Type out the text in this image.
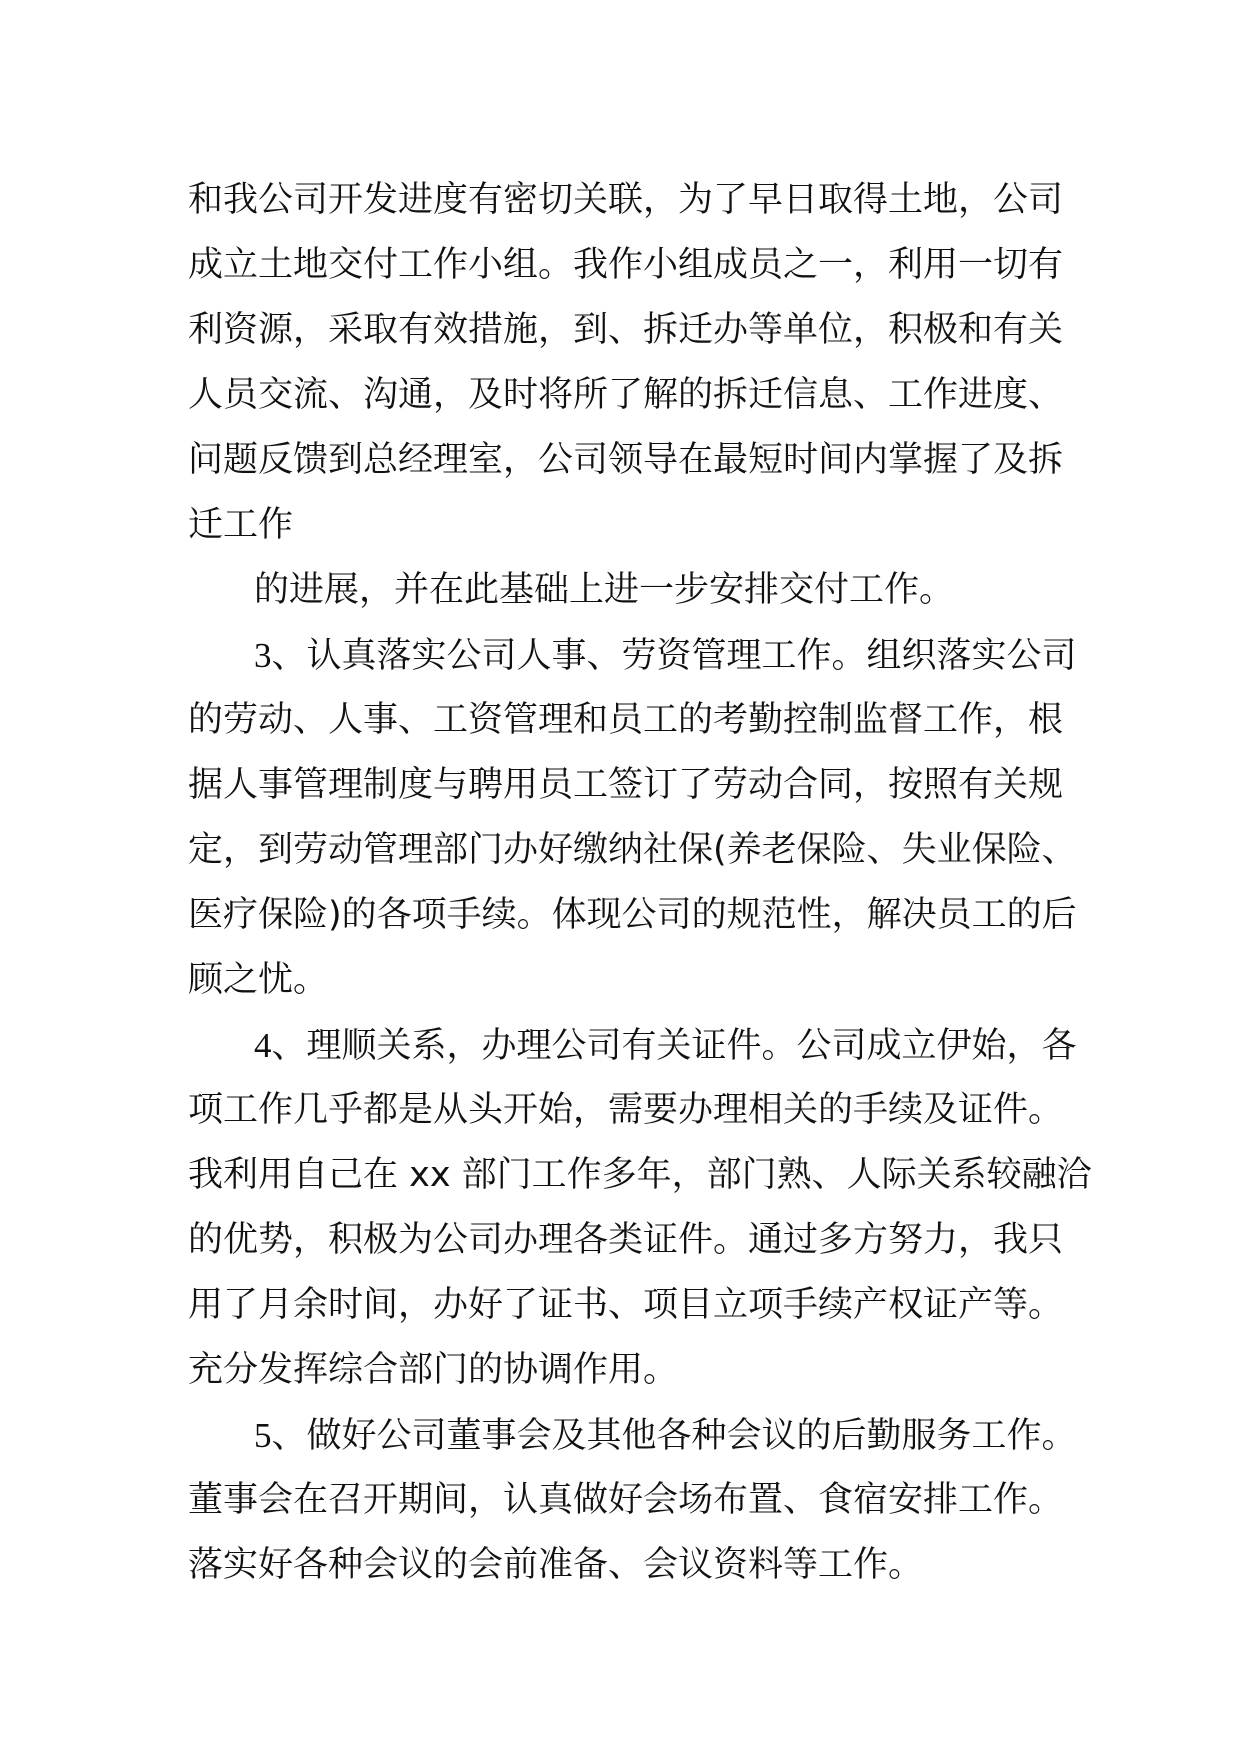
和我公司开发进度有密切关联，为了早日取得土地，公司
成立土地交付工作小组。我作小组成员之一，利用一切有
利资源，采取有效措施，到、拆迁办等单位，积极和有关
人员交流、沟通，及时将所了解的拆迁信息、工作进度、
问题反馈到总经理室，公司领导在最短时间内掌握了及拆
迁工作
的进展，并在此基础上进一步安排交付工作。
3、认真落实公司人事、劳资管理工作。组织落实公司
的劳动、人事、工资管理和员工的考勤控制监督工作，根
据人事管理制度与聘用员工签订了劳动合同，按照有关规
定，到劳动管理部门办好缴纳社保(养老保险、失业保险、
医疗保险)的各项手续。体现公司的规范性，解决员工的后
顾之忧。
4、理顺关系，办理公司有关证件。公司成立伊始，各
项工作几乎都是从头开始，需要办理相关的手续及证件。
我利用自己在 xx 部门工作多年，部门熟、人际关系较融洽
的优势，积极为公司办理各类证件。通过多方努力，我只
用了月余时间，办好了证书、项目立项手续产权证产等。
充分发挥综合部门的协调作用。
5、做好公司董事会及其他各种会议的后勤服务工作。
董事会在召开期间，认真做好会场布置、食宿安排工作。
落实好各种会议的会前准备、会议资料等工作。
